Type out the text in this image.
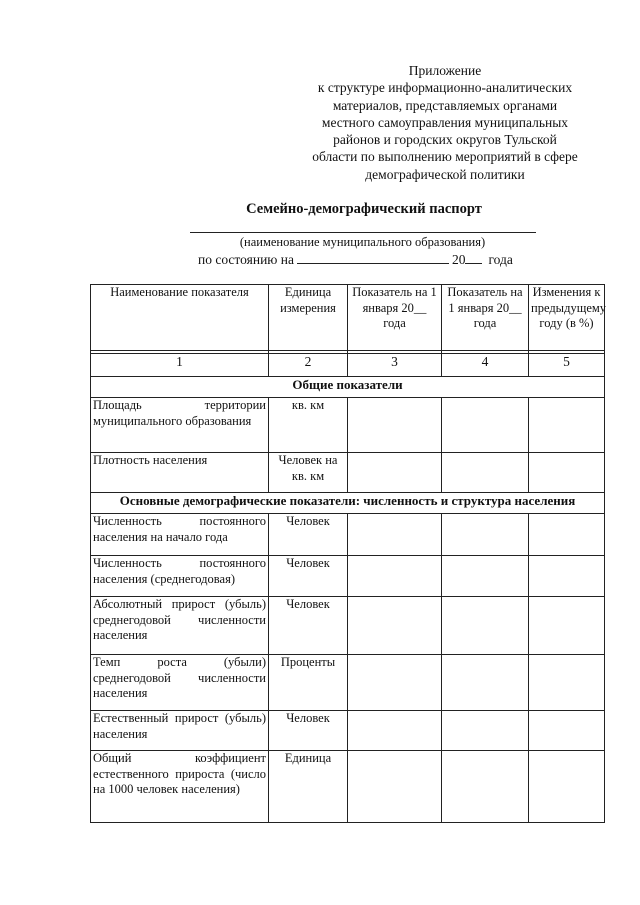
Приложение
к структуре информационно-аналитических
материалов, представляемых органами
местного самоуправления муниципальных
районов и городских округов Тульской
области по выполнению мероприятий в сфере
демографической политики
Семейно-демографический паспорт
(наименование муниципального образования)
по состоянию на	20 года
Наименование показателя	Единица измерения	Показатель на 1 января 20__ года	Показатель на 1 января 20__ года	Изменения к предыдущему году (в %)

1	2	3	4	5
Общие показатели				
Площадь территории муниципального образования	кв. км			
Плотность населения	Человек на кв. км			
Основные демографические показатели: численность и структура населения				
Численность постоянного населения на начало года	Человек			
Численность постоянного населения (среднегодовая)	Человек			
Абсолютный прирост (убыль) среднегодовой численности населения	Человек			
Темп роста (убыли) среднегодовой численности населения	Проценты			
Естественный прирост (убыль) населения	Человек			
Общий коэффициент естественного прироста (число на 1000 человек населения)	Единица			
